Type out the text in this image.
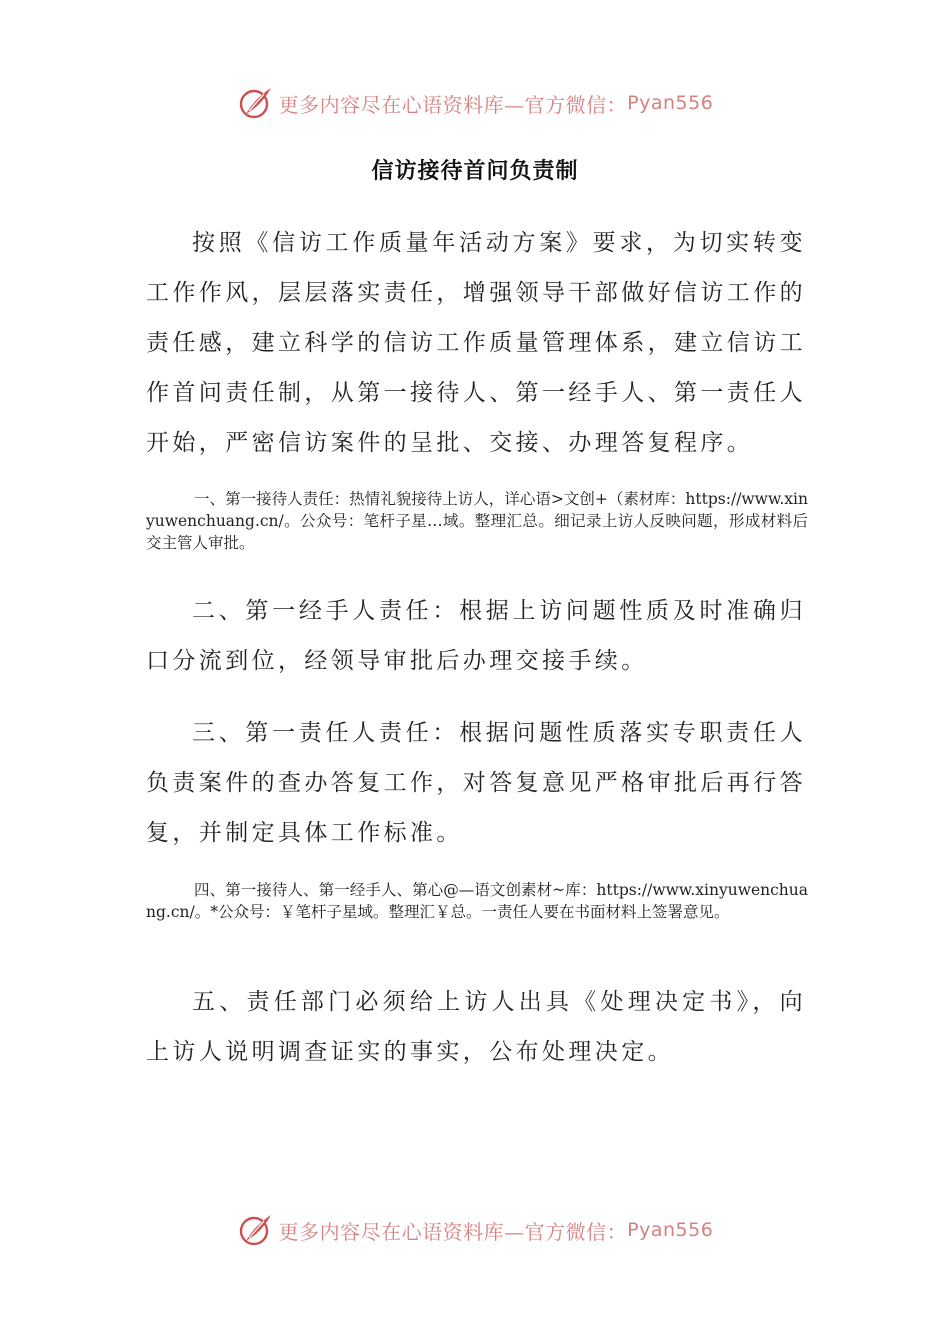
更多内容尽在心语资料库—官方微信： Pyan556
信访接待首问负责制

按照《信访工作质量年活动方案》要求，为切实转变工作作风，层层落实责任，增强领导干部做好信访工作的责任感，建立科学的信访工作质量管理体系，建立信访工作首问责任制，从第一接待人、第一经手人、第一责任人开始，严密信访案件的呈批、交接、办理答复程序。

一、第一接待人责任：热情礼貌接待上访人，详心语>文创+（素材库：https://www.xinyuwenchuang.cn/。公众号：笔杆子星…域。整理汇总。细记录上访人反映问题，形成材料后交主管人审批。

二、第一经手人责任：根据上访问题性质及时准确归口分流到位，经领导审批后办理交接手续。

三、第一责任人责任：根据问题性质落实专职责任人负责案件的查办答复工作，对答复意见严格审批后再行答复，并制定具体工作标准。

四、第一接待人、第一经手人、第心@—语文创素材~库：https://www.xinyuwenchuang.cn/。*公众号：￥笔杆子星域。整理汇￥总。一责任人要在书面材料上签署意见。

五、责任部门必须给上访人出具《处理决定书》，向上访人说明调查证实的事实，公布处理决定。

更多内容尽在心语资料库—官方微信： Pyan556
